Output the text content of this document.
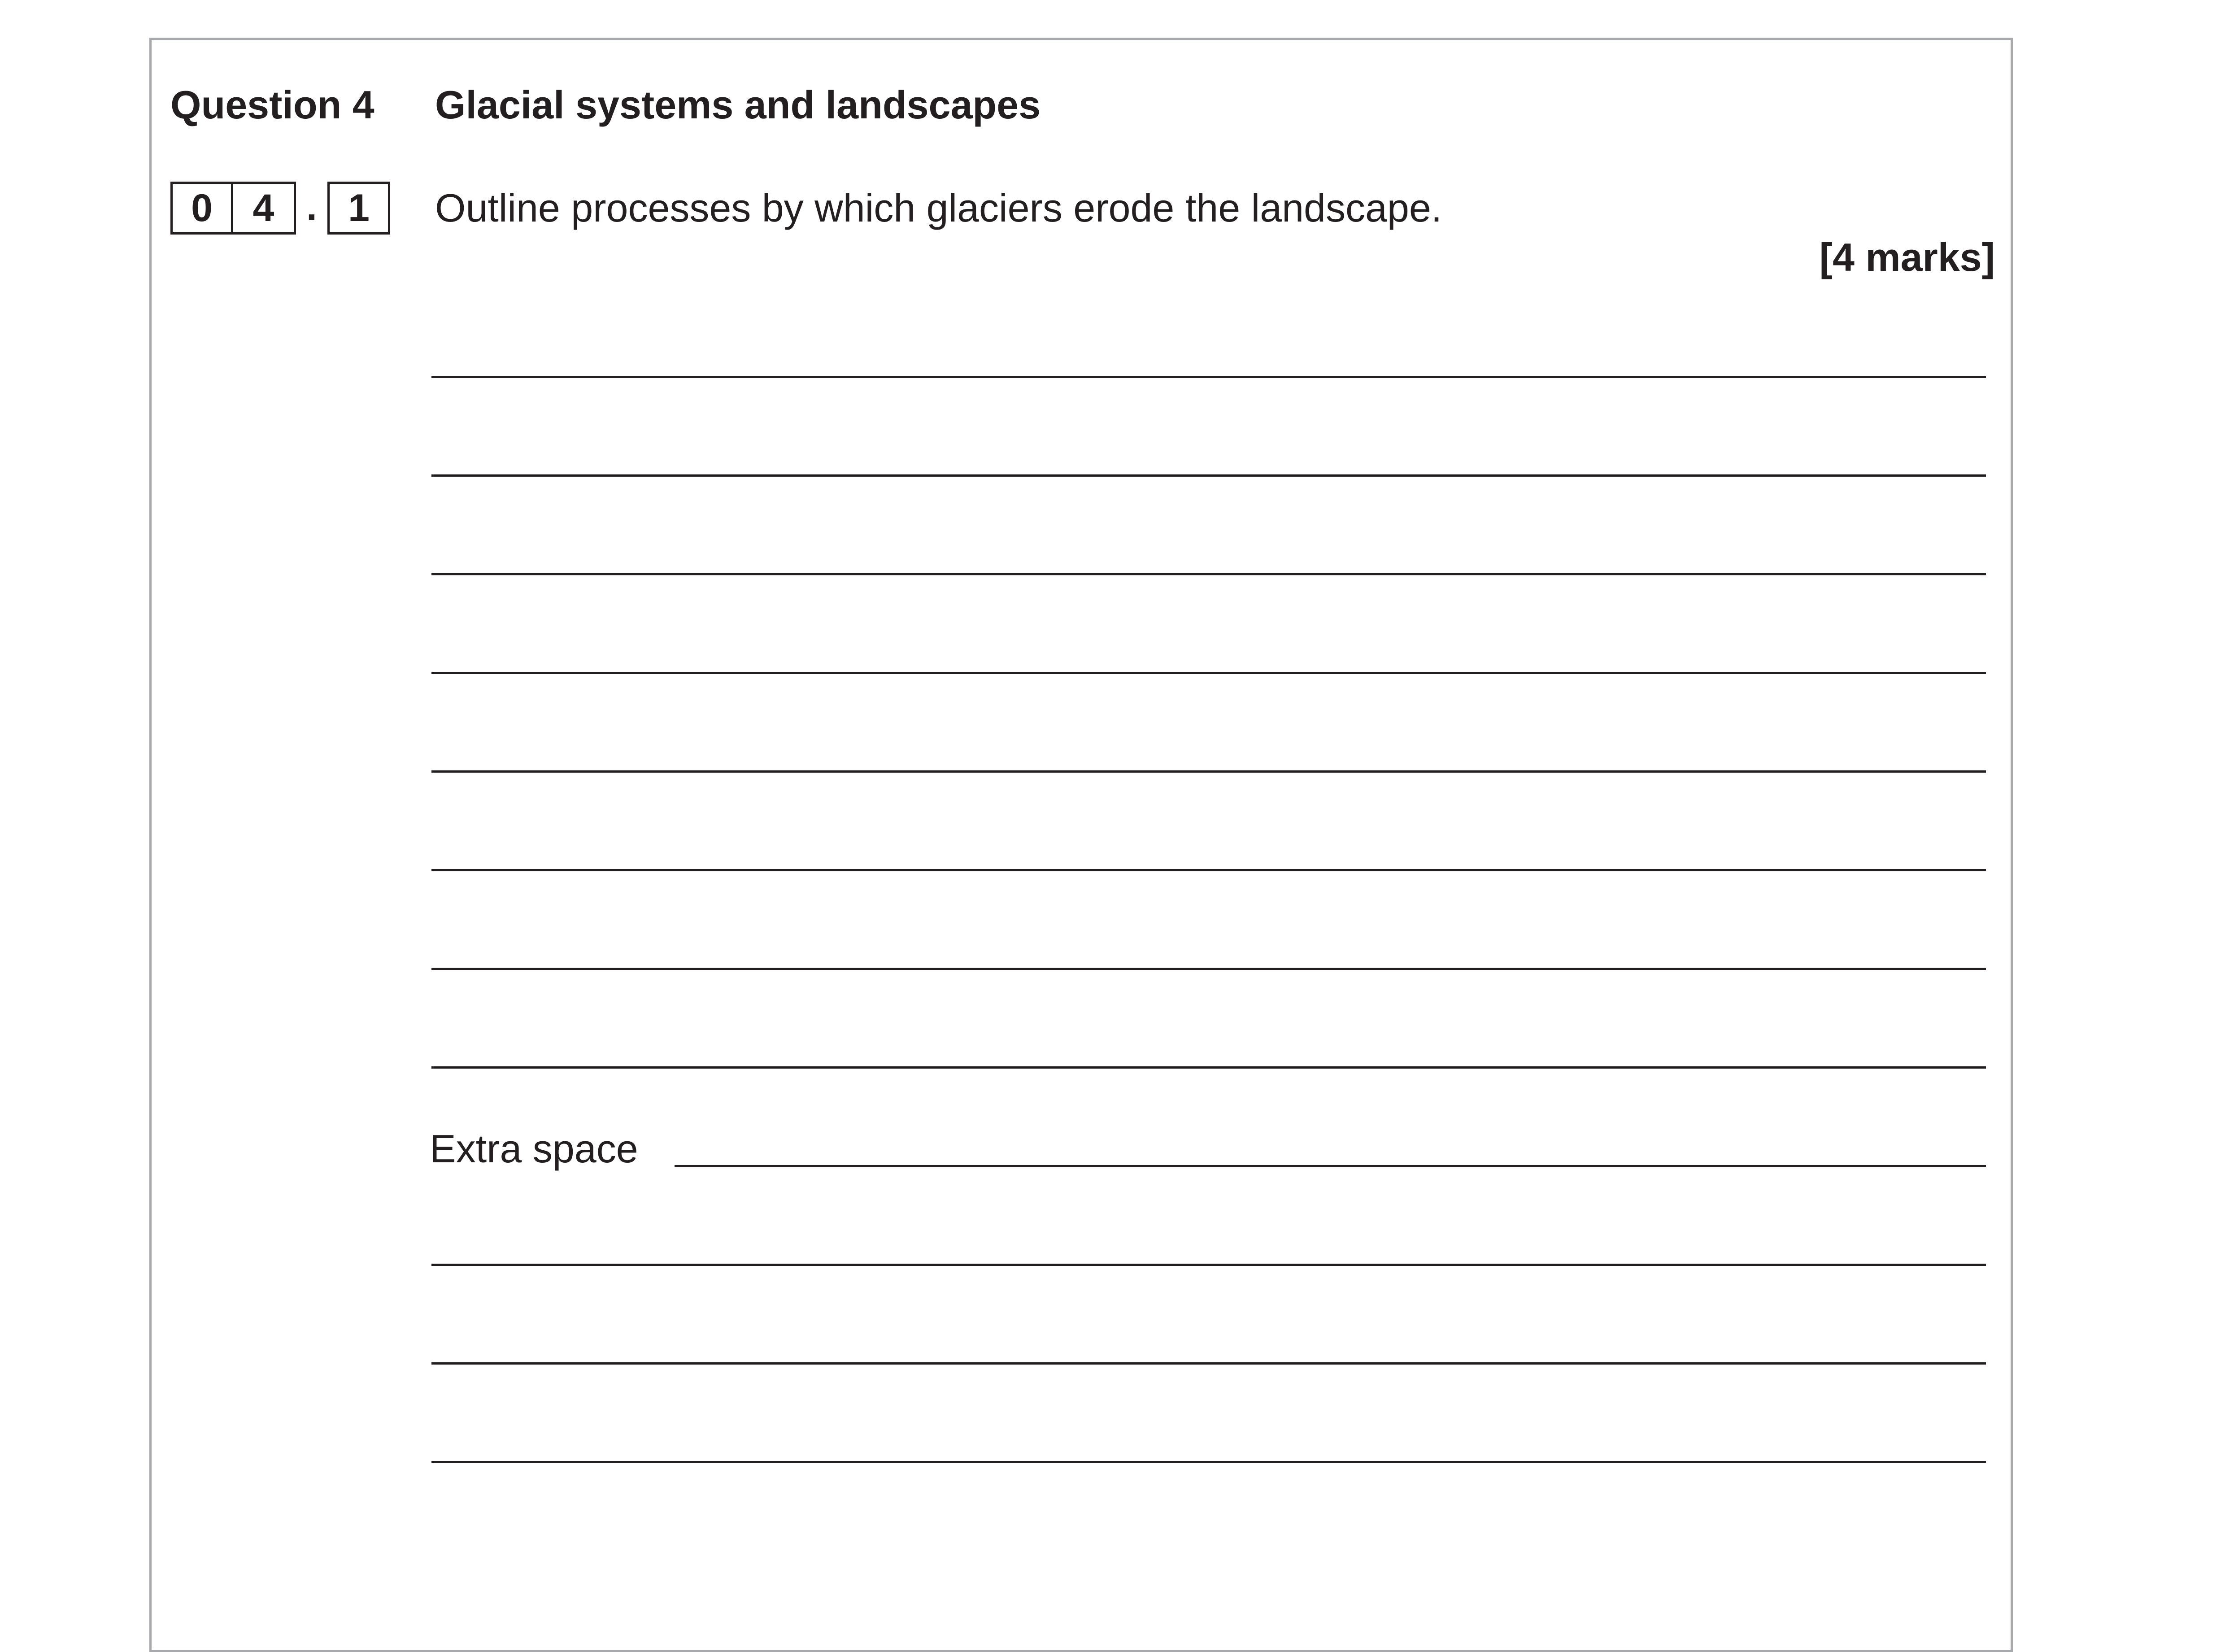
Question 4 Glacial systems and landscapes
0	4 . 1	Outline processes by which glaciers erode the landscape.
[4 marks]
Extra space
